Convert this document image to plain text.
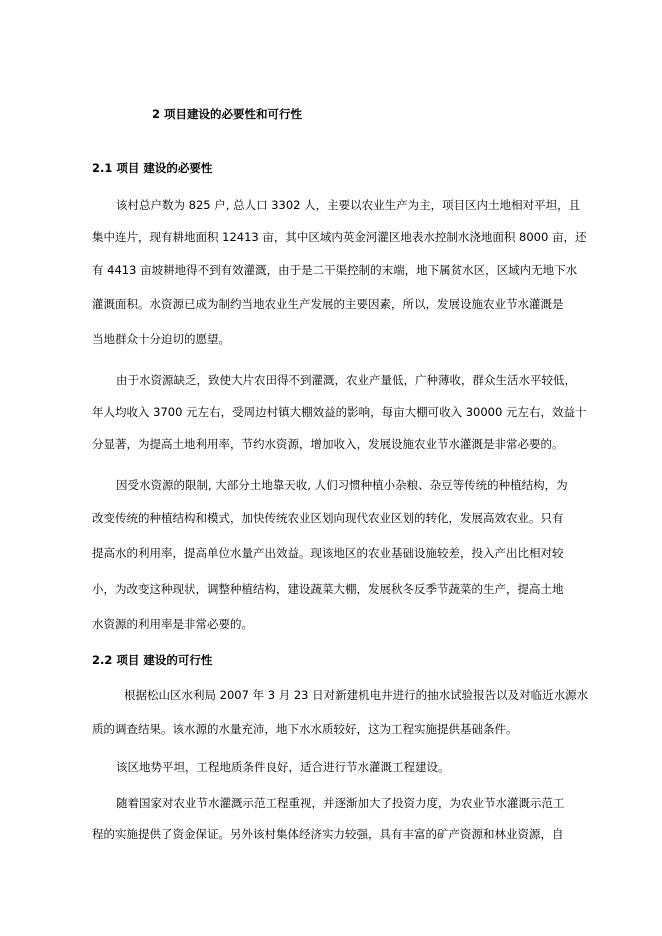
2 项目建设的必要性和可行性
2.1 项目 建设的必要性
该村总户数为 825 户, 总人口 3302 人，主要以农业生产为主，项目区内土地相对平坦，且
集中连片，现有耕地面积 12413 亩，其中区域内英金河灌区地表水控制水浇地面积 8000 亩，还
有 4413 亩坡耕地得不到有效灌溉，由于是二干渠控制的末端，地下属贫水区，区域内无地下水
灌溉面积。水资源已成为制约当地农业生产发展的主要因素，所以，发展设施农业节水灌溉是
当地群众十分迫切的愿望。
由于水资源缺乏，致使大片农田得不到灌溉，农业产量低，广种薄收，群众生活水平较低，
年人均收入 3700 元左右，受周边村镇大棚效益的影响，每亩大棚可收入 30000 元左右，效益十
分显著，为提高土地利用率，节约水资源，增加收入，发展设施农业节水灌溉是非常必要的。
因受水资源的限制, 大部分土地靠天收, 人们习惯种植小杂粮、杂豆等传统的种植结构，为
改变传统的种植结构和模式，加快传统农业区划向现代农业区划的转化，发展高效农业。只有
提高水的利用率，提高单位水量产出效益。现该地区的农业基础设施较差，投入产出比相对较
小，为改变这种现状，调整种植结构，建设蔬菜大棚，发展秋冬反季节蔬菜的生产，提高土地
水资源的利用率是非常必要的。
2.2 项目 建设的可行性
根据松山区水利局 2007 年 3 月 23 日对新建机电井进行的抽水试验报告以及对临近水源水
质的调查结果。该水源的水量充沛，地下水水质较好，这为工程实施提供基础条件。
该区地势平坦，工程地质条件良好，适合进行节水灌溉工程建设。
随着国家对农业节水灌溉示范工程重视，并逐渐加大了投资力度，为农业节水灌溉示范工
程的实施提供了资金保证。另外该村集体经济实力较强，具有丰富的矿产资源和林业资源，自
